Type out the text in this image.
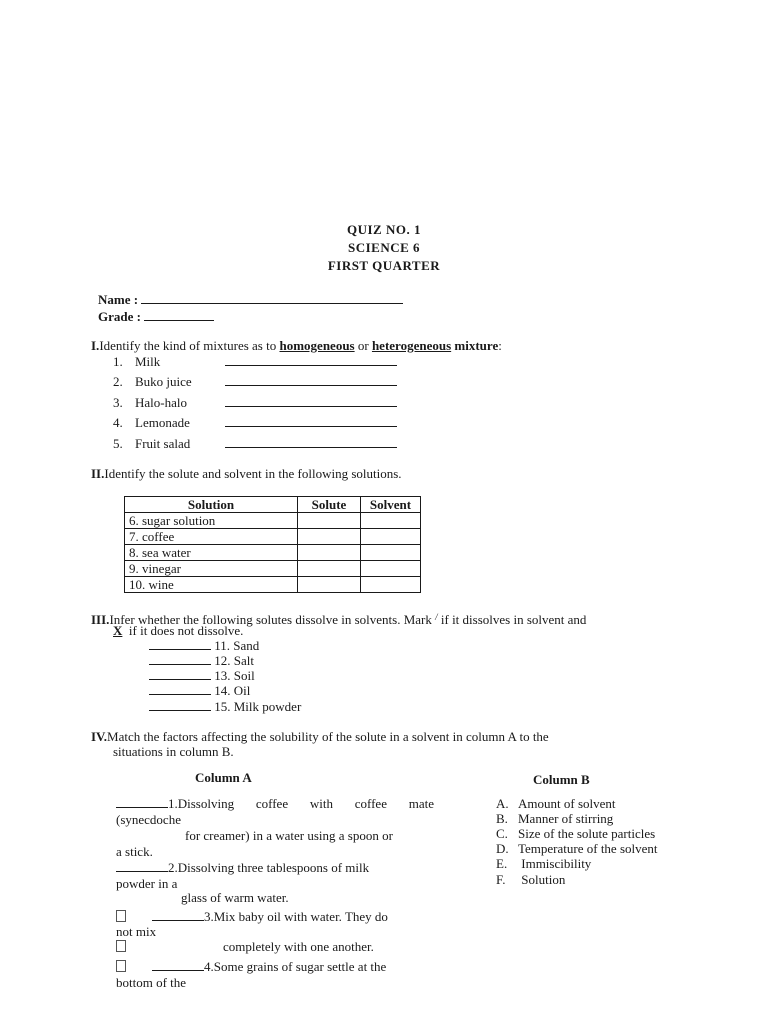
QUIZ NO. 1
SCIENCE 6
FIRST QUARTER
Name :
Grade :
I.Identify the kind of mixtures as to homogeneous or heterogeneous mixture:
1. Milk
2. Buko juice
3. Halo-halo
4. Lemonade
5. Fruit salad
II.Identify the solute and solvent in the following solutions.
Solution	Solute	Solvent
6. sugar solution		
7. coffee		
8. sea water		
9. vinegar		
10. wine		
III.Infer whether the following solutes dissolve in solvents. Mark / if it dissolves in solvent and
X if it does not dissolve.
11. Sand
12. Salt
13. Soil
14. Oil
15. Milk powder
IV.Match the factors affecting the solubility of the solute in a solvent in column A to the
situations in column B.
Column A	Column B
1.Dissolving coffee with coffee mate
(synecdoche
for creamer) in a water using a spoon or
a stick.
2.Dissolving three tablespoons of milk
powder in a
glass of warm water.
3.Mix baby oil with water. They do
not mix
completely with one another.
4.Some grains of sugar settle at the
bottom of the
A. Amount of solvent
B. Manner of stirring
C. Size of the solute particles
D. Temperature of the solvent
E. Immiscibility
F. Solution
